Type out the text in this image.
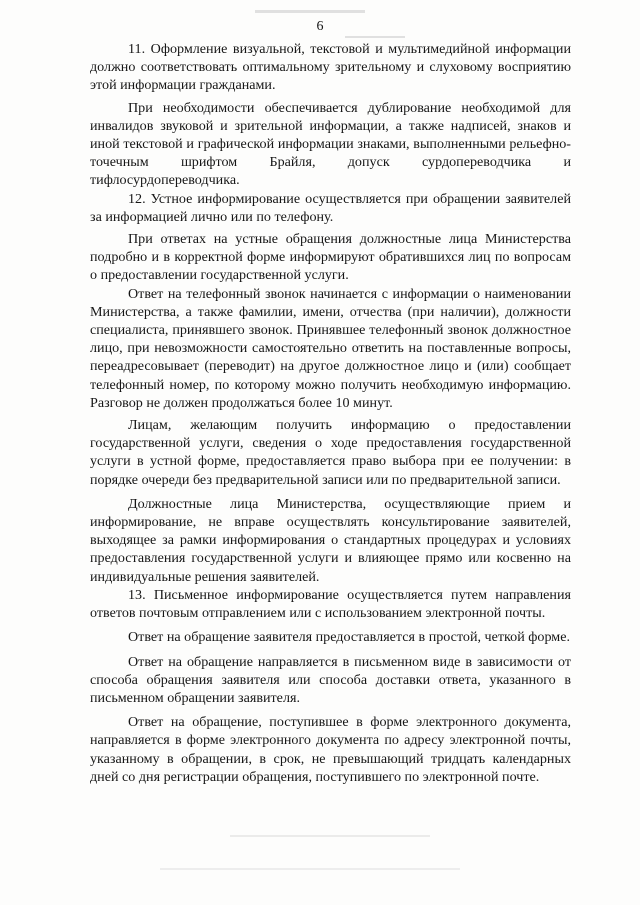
6

11. Оформление визуальной, текстовой и мультимедийной информации должно соответствовать оптимальному зрительному и слуховому восприятию этой информации гражданами.

При необходимости обеспечивается дублирование необходимой для инвалидов звуковой и зрительной информации, а также надписей, знаков и иной текстовой и графической информации знаками, выполненными рельефно-точечным шрифтом Брайля, допуск сурдопереводчика и тифлосурдопереводчика.

12. Устное информирование осуществляется при обращении заявителей за информацией лично или по телефону.

При ответах на устные обращения должностные лица Министерства подробно и в корректной форме информируют обратившихся лиц по вопросам о предоставлении государственной услуги.

Ответ на телефонный звонок начинается с информации о наименовании Министерства, а также фамилии, имени, отчества (при наличии), должности специалиста, принявшего звонок. Принявшее телефонный звонок должностное лицо, при невозможности самостоятельно ответить на поставленные вопросы, переадресовывает (переводит) на другое должностное лицо и (или) сообщает телефонный номер, по которому можно получить необходимую информацию. Разговор не должен продолжаться более 10 минут.

Лицам, желающим получить информацию о предоставлении государственной услуги, сведения о ходе предоставления государственной услуги в устной форме, предоставляется право выбора при ее получении: в порядке очереди без предварительной записи или по предварительной записи.

Должностные лица Министерства, осуществляющие прием и информирование, не вправе осуществлять консультирование заявителей, выходящее за рамки информирования о стандартных процедурах и условиях предоставления государственной услуги и влияющее прямо или косвенно на индивидуальные решения заявителей.

13. Письменное информирование осуществляется путем направления ответов почтовым отправлением или с использованием электронной почты.

Ответ на обращение заявителя предоставляется в простой, четкой форме.

Ответ на обращение направляется в письменном виде в зависимости от способа обращения заявителя или способа доставки ответа, указанного в письменном обращении заявителя.

Ответ на обращение, поступившее в форме электронного документа, направляется в форме электронного документа по адресу электронной почты, указанному в обращении, в срок, не превышающий тридцать календарных дней со дня регистрации обращения, поступившего по электронной почте.
